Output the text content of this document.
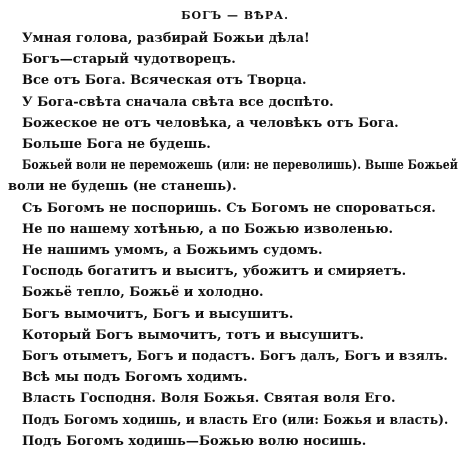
БОГЪ — ВѢРА.
Умная голова, разбирай Божьи дѣла!
Богъ—старый чудотворецъ.
Все отъ Бога. Всяческая отъ Творца.
У Бога-свѣта сначала свѣта все доспѣто.
Божеское не отъ человѣка, а человѣкъ отъ Бога.
Больше Бога не будешь.
Божьей воли не переможешь (или: не переволишь). Выше Божьей
воли не будешь (не станешь).
Съ Богомъ не поспоришь. Съ Богомъ не спороваться.
Не по нашему хотѣнью, а по Божью изволенью.
Не нашимъ умомъ, а Божьимъ судомъ.
Господь богатитъ и выситъ, убожитъ и смиряетъ.
Божьё тепло, Божьё и холодно.
Богъ вымочитъ, Богъ и высушитъ.
Который Богъ вымочитъ, тотъ и высушитъ.
Богъ отыметъ, Богъ и подастъ. Богъ далъ, Богъ и взялъ.
Всѣ мы подъ Богомъ ходимъ.
Власть Господня. Воля Божья. Святая воля Его.
Подъ Богомъ ходишь, и власть Его (или: Божья и власть).
Подъ Богомъ ходишь—Божью волю носишь.
